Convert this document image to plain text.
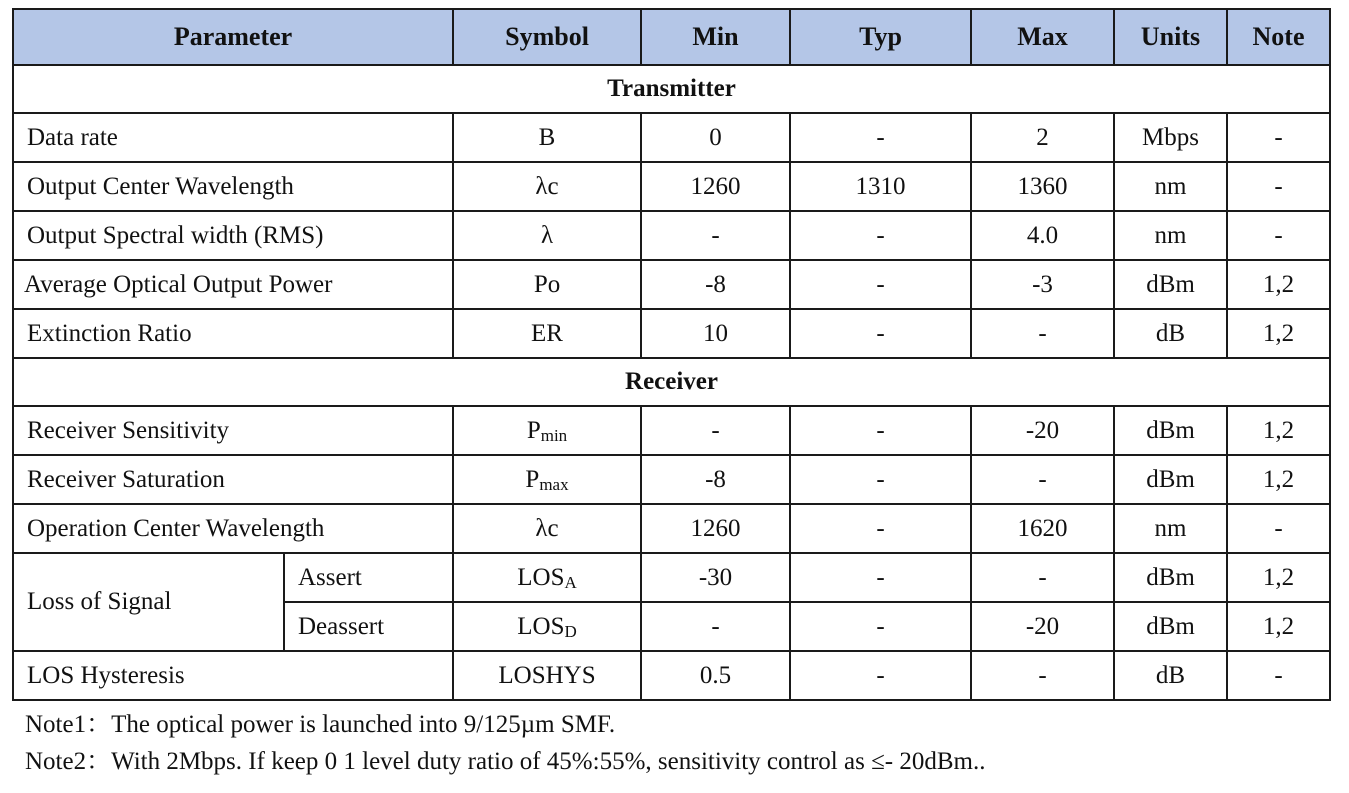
Parameter		Symbol	Min	Typ	Max	Units	Note
Transmitter							
Data rate		B	0	-	2	Mbps	-
Output Center Wavelength		λc	1260	1310	1360	nm	-
Output Spectral width (RMS)		λ	-	-	4.0	nm	-
Average Optical Output Power		Po	-8	-	-3	dBm	1,2
Extinction Ratio		ER	10	-	-	dB	1,2
Receiver							
Receiver Sensitivity		$P_{min}$	-	-	-20	dBm	1,2
Receiver Saturation		$P_{max}$	-8	-	-	dBm	1,2
Operation Center Wavelength		λc	1260	-	1620	nm	-
Loss of Signal	Assert	$LOS_A$	-30	-	-	dBm	1,2
	Deassert	$LOS_D$	-	-	-20	dBm	1,2
LOS Hysteresis		LOSHYS	0.5	-	-	dB	-
Note1：The optical power is launched into 9/125µm SMF.
Note2：With 2Mbps. If keep 0 1 level duty ratio of 45%:55%, sensitivity control as ≤- 20dBm..
